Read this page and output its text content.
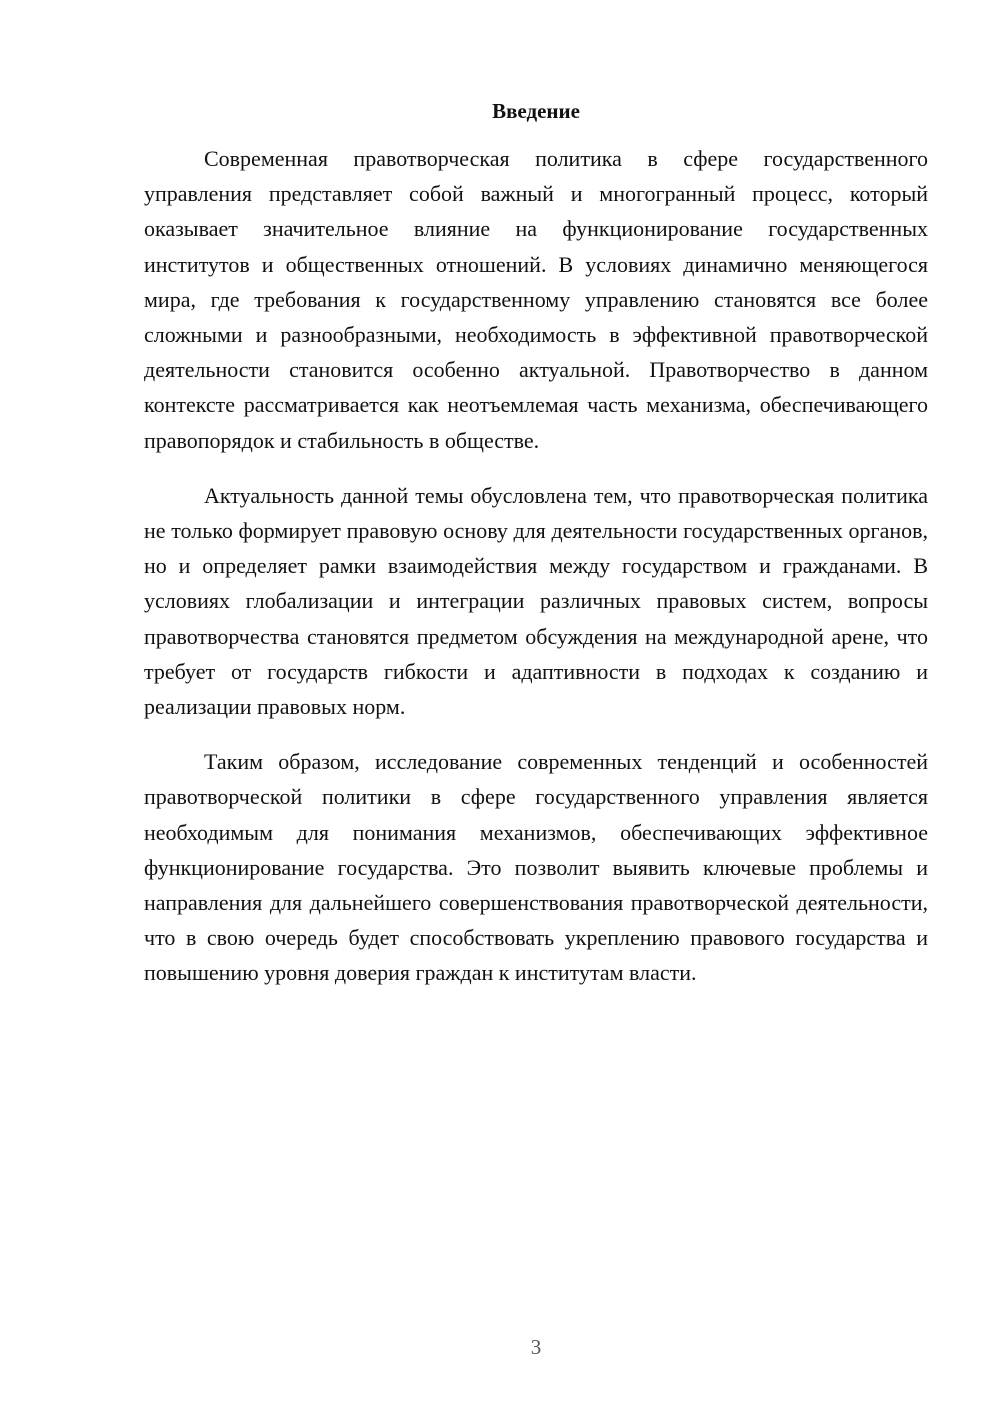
Введение

Современная правотворческая политика в сфере государственного управления представляет собой важный и многогранный процесс, который оказывает значительное влияние на функционирование государственных институтов и общественных отношений. В условиях динамично меняющегося мира, где требования к государственному управлению становятся все более сложными и разнообразными, необходимость в эффективной правотворческой деятельности становится особенно актуальной. Правотворчество в данном контексте рассматривается как неотъемлемая часть механизма, обеспечивающего правопорядок и стабильность в обществе.

Актуальность данной темы обусловлена тем, что правотворческая политика не только формирует правовую основу для деятельности государственных органов, но и определяет рамки взаимодействия между государством и гражданами. В условиях глобализации и интеграции различных правовых систем, вопросы правотворчества становятся предметом обсуждения на международной арене, что требует от государств гибкости и адаптивности в подходах к созданию и реализации правовых норм.

Таким образом, исследование современных тенденций и особенностей правотворческой политики в сфере государственного управления является необходимым для понимания механизмов, обеспечивающих эффективное функционирование государства. Это позволит выявить ключевые проблемы и направления для дальнейшего совершенствования правотворческой деятельности, что в свою очередь будет способствовать укреплению правового государства и повышению уровня доверия граждан к институтам власти.

3
